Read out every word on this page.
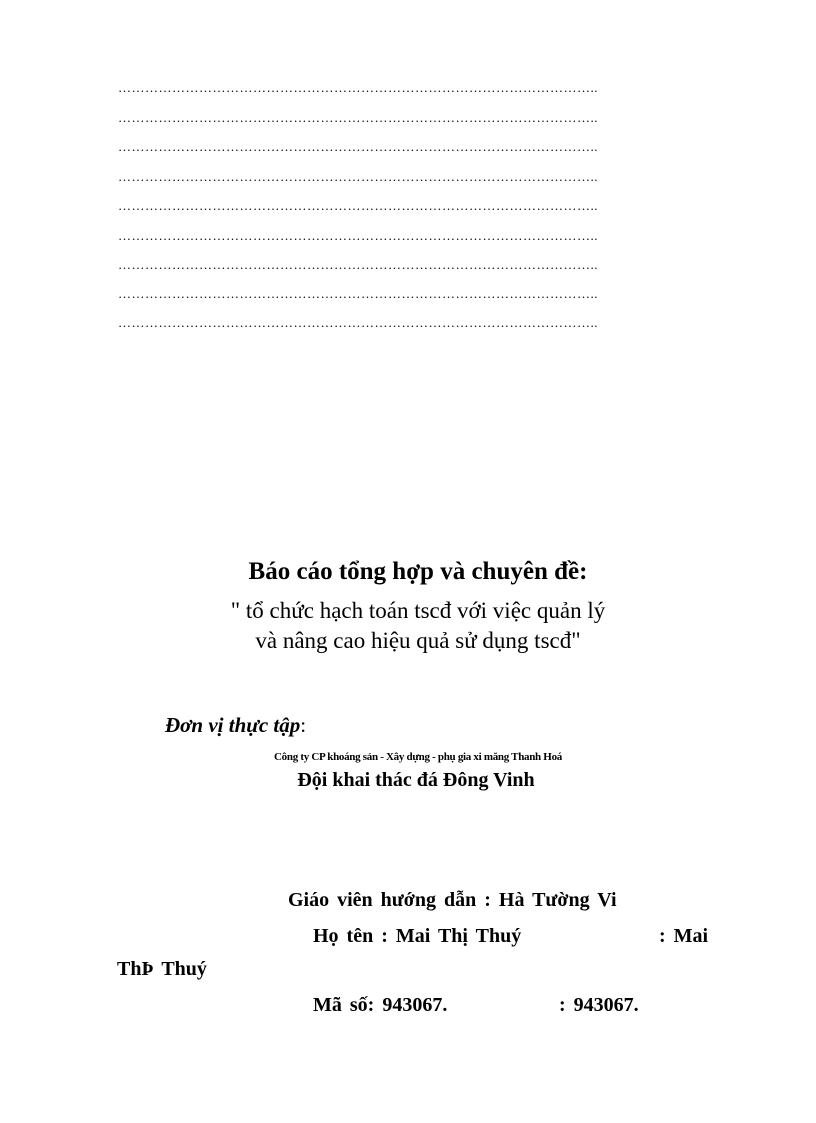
……………………………………………………………………………………………..
……………………………………………………………………………………………..
……………………………………………………………………………………………..
……………………………………………………………………………………………..
……………………………………………………………………………………………..
……………………………………………………………………………………………..
……………………………………………………………………………………………..
……………………………………………………………………………………………..
……………………………………………………………………………………………..
Báo cáo tổng hợp và chuyên đề:
" tổ chức hạch toán tscđ với việc quản lý
và nâng cao hiệu quả sử dụng tscđ"
Đơn vị thực tập:
Công ty CP khoáng sản - Xây dựng - phụ gia xi măng Thanh Hoá
Đội khai thác đá Đông Vinh
Giáo viên hướng dẫn : Hà Tường Vi
Họ tên : Mai Thị Thuý	: Mai
ThÞ Thuý
Mã số: 943067.	: 943067.
